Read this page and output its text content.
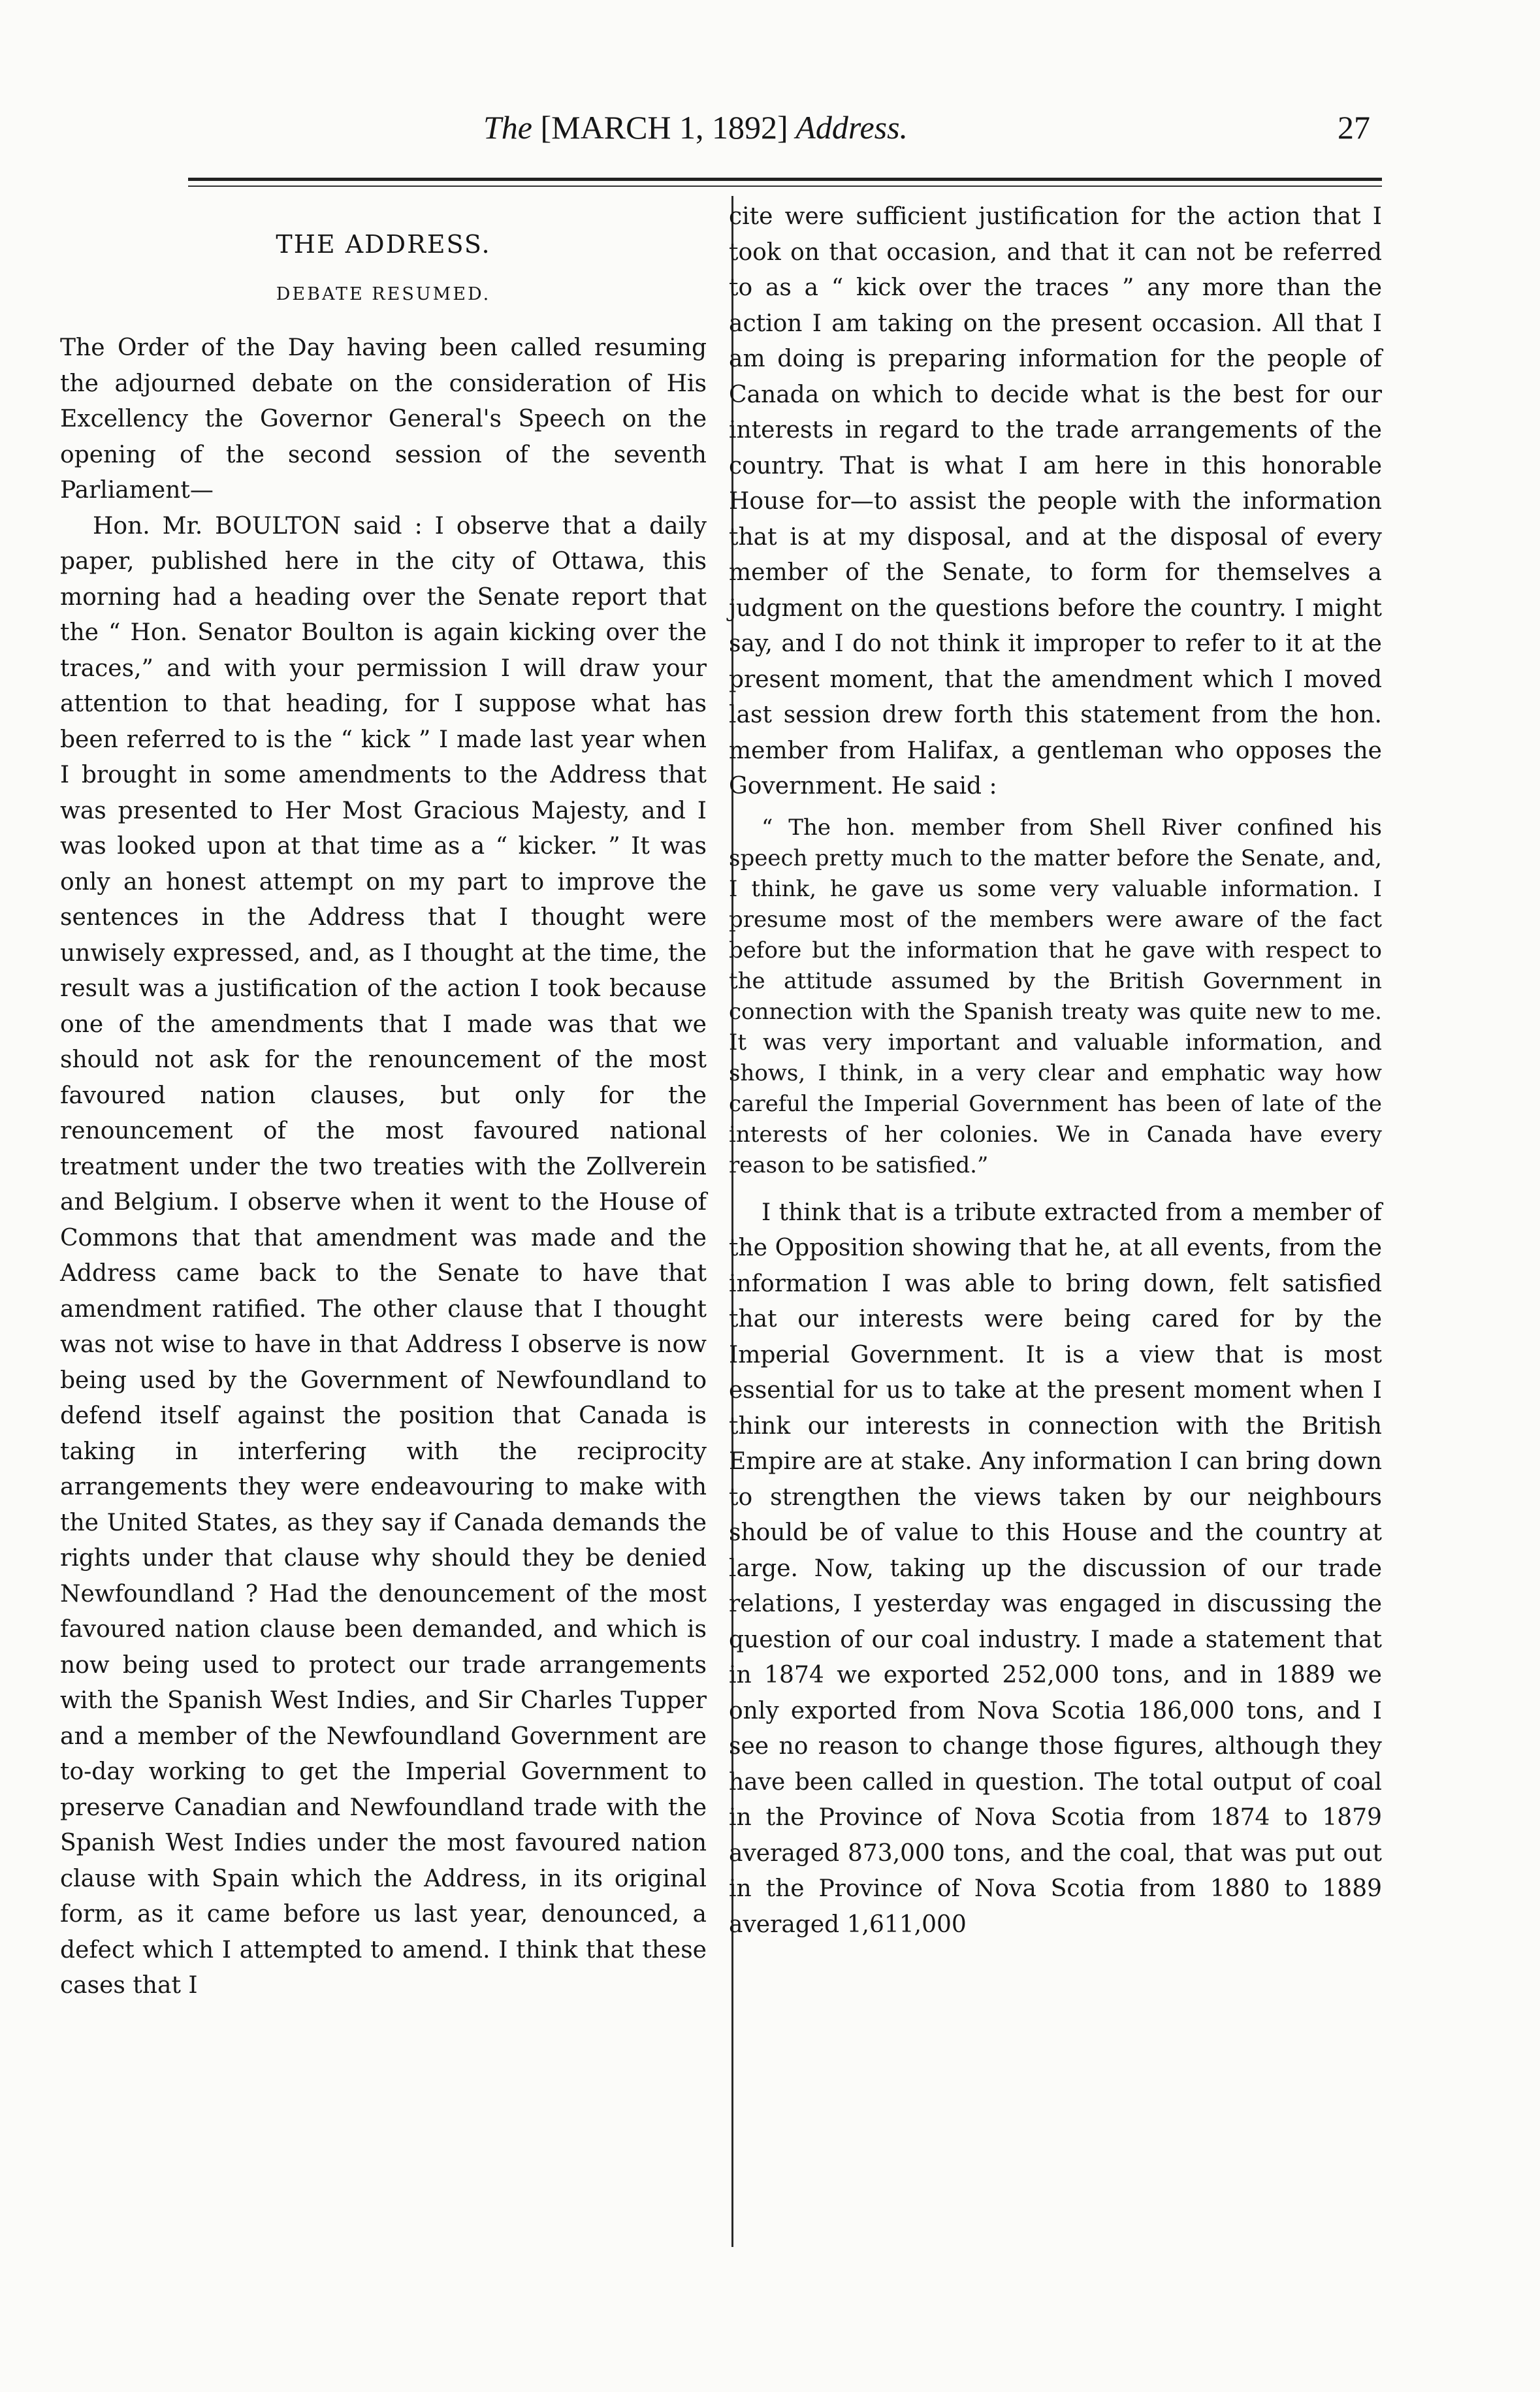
The [MARCH 1, 1892] Address.	27
THE ADDRESS.
DEBATE RESUMED.

The Order of the Day having been called resuming the adjourned debate on the consideration of His Excellency the Governor General's Speech on the opening of the second session of the seventh Parliament—

Hon. Mr. BOULTON said : I observe that a daily paper, published here in the city of Ottawa, this morning had a heading over the Senate report that the “ Hon. Senator Boulton is again kicking over the traces,” and with your permission I will draw your attention to that heading, for I suppose what has been referred to is the “ kick ” I made last year when I brought in some amendments to the Address that was presented to Her Most Gracious Majesty, and I was looked upon at that time as a “ kicker. ” It was only an honest attempt on my part to improve the sentences in the Address that I thought were unwisely expressed, and, as I thought at the time, the result was a justification of the action I took because one of the amendments that I made was that we should not ask for the renouncement of the most favoured nation clauses, but only for the renouncement of the most favoured national treatment under the two treaties with the Zollverein and Belgium. I observe when it went to the House of Commons that that amendment was made and the Address came back to the Senate to have that amendment ratified. The other clause that I thought was not wise to have in that Address I observe is now being used by the Government of Newfoundland to defend itself against the position that Canada is taking in interfering with the reciprocity arrangements they were endeavouring to make with the United States, as they say if Canada demands the rights under that clause why should they be denied Newfoundland ? Had the denouncement of the most favoured nation clause been demanded, and which is now being used to protect our trade arrangements with the Spanish West Indies, and Sir Charles Tupper and a member of the Newfoundland Government are to-day working to get the Imperial Government to preserve Canadian and Newfoundland trade with the Spanish West Indies under the most favoured nation clause with Spain which the Address, in its original form, as it came before us last year, denounced, a defect which I attempted to amend. I think that these cases that I

cite were sufficient justification for the action that I took on that occasion, and that it can not be referred to as a “ kick over the traces ” any more than the action I am taking on the present occasion. All that I am doing is preparing information for the people of Canada on which to decide what is the best for our interests in regard to the trade arrangements of the country. That is what I am here in this honorable House for—to assist the people with the information that is at my disposal, and at the disposal of every member of the Senate, to form for themselves a judgment on the questions before the country. I might say, and I do not think it improper to refer to it at the present moment, that the amendment which I moved last session drew forth this statement from the hon. member from Halifax, a gentleman who opposes the Government. He said :

“ The hon. member from Shell River confined his speech pretty much to the matter before the Senate, and, I think, he gave us some very valuable information. I presume most of the members were aware of the fact before but the information that he gave with respect to the attitude assumed by the British Government in connection with the Spanish treaty was quite new to me. It was very important and valuable information, and shows, I think, in a very clear and emphatic way how careful the Imperial Government has been of late of the interests of her colonies. We in Canada have every reason to be satisfied.”

I think that is a tribute extracted from a member of the Opposition showing that he, at all events, from the information I was able to bring down, felt satisfied that our interests were being cared for by the Imperial Government. It is a view that is most essential for us to take at the present moment when I think our interests in connection with the British Empire are at stake. Any information I can bring down to strengthen the views taken by our neighbours should be of value to this House and the country at large. Now, taking up the discussion of our trade relations, I yesterday was engaged in discussing the question of our coal industry. I made a statement that in 1874 we exported 252,000 tons, and in 1889 we only exported from Nova Scotia 186,000 tons, and I see no reason to change those figures, although they have been called in question. The total output of coal in the Province of Nova Scotia from 1874 to 1879 averaged 873,000 tons, and the coal, that was put out in the Province of Nova Scotia from 1880 to 1889 averaged 1,611,000
